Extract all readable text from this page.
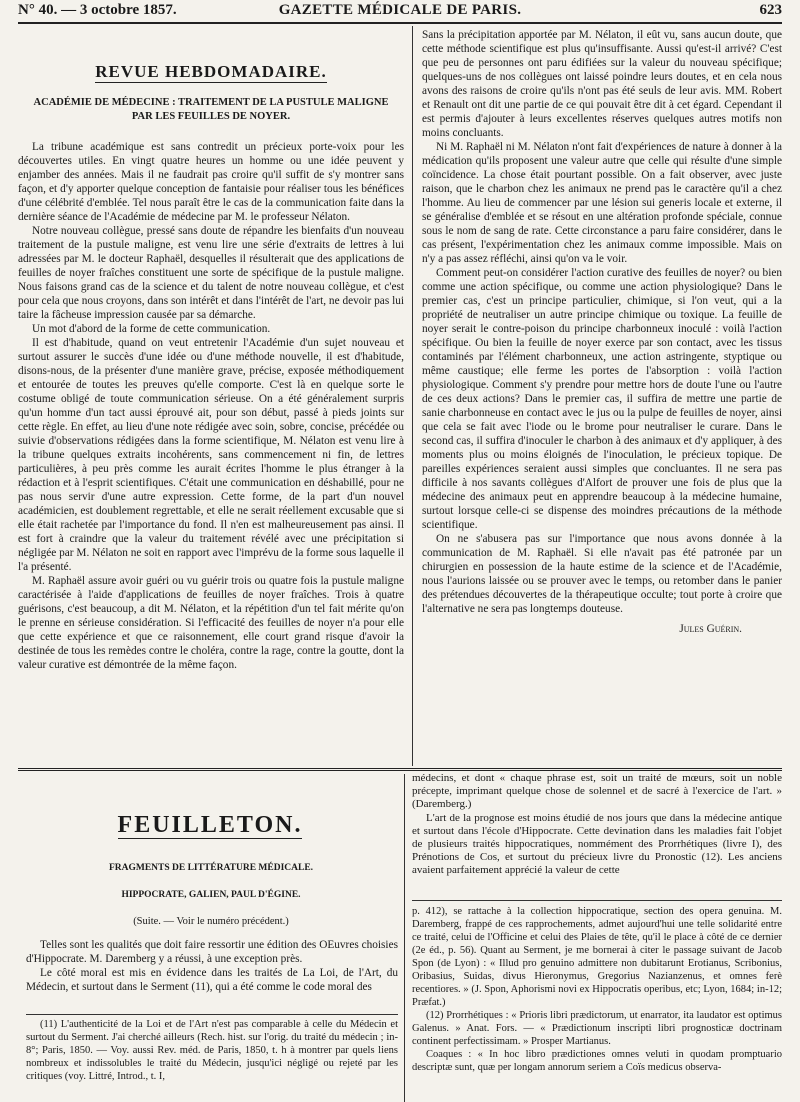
N° 40. — 3 octobre 1857.	GAZETTE MÉDICALE DE PARIS.	623
REVUE HEBDOMADAIRE.
ACADÉMIE DE MÉDECINE : TRAITEMENT DE LA PUSTULE MALIGNE
PAR LES FEUILLES DE NOYER.

La tribune académique est sans contredit un précieux porte-voix pour les découvertes utiles. En vingt quatre heures un homme ou une idée peuvent y enjamber des années. Mais il ne faudrait pas croire qu'il suffit de s'y montrer sans façon, et d'y apporter quelque conception de fantaisie pour réaliser tous les bénéfices d'une célébrité d'emblée. Tel nous paraît être le cas de la communication faite dans la dernière séance de l'Académie de médecine par M. le professeur Nélaton.

Notre nouveau collègue, pressé sans doute de répandre les bienfaits d'un nouveau traitement de la pustule maligne, est venu lire une série d'extraits de lettres à lui adressées par M. le docteur Raphaël, desquelles il résulterait que des applications de feuilles de noyer fraîches constituent une sorte de spécifique de la pustule maligne. Nous faisons grand cas de la science et du talent de notre nouveau collègue, et c'est pour cela que nous croyons, dans son intérêt et dans l'intérêt de l'art, ne devoir pas lui taire la fâcheuse impression causée par sa démarche.

Un mot d'abord de la forme de cette communication.

Il est d'habitude, quand on veut entretenir l'Académie d'un sujet nouveau et surtout assurer le succès d'une idée ou d'une méthode nouvelle, il est d'habitude, disons-nous, de la présenter d'une manière grave, précise, exposée méthodiquement et entourée de toutes les preuves qu'elle comporte. C'est là en quelque sorte le costume obligé de toute communication sérieuse. On a été généralement surpris qu'un homme d'un tact aussi éprouvé ait, pour son début, passé à pieds joints sur cette règle. En effet, au lieu d'une note rédigée avec soin, sobre, concise, précédée ou suivie d'observations rédigées dans la forme scientifique, M. Nélaton est venu lire à la tribune quelques extraits incohérents, sans commencement ni fin, de lettres particulières, à peu près comme les aurait écrites l'homme le plus étranger à la rédaction et à l'esprit scientifiques. C'était une communication en déshabillé, pour ne pas nous servir d'une autre expression. Cette forme, de la part d'un nouvel académicien, est doublement regrettable, et elle ne serait réellement excusable que si elle était rachetée par l'importance du fond. Il n'en est malheureusement pas ainsi. Il est fort à craindre que la valeur du traitement révélé avec une précipitation si négligée par M. Nélaton ne soit en rapport avec l'imprévu de la forme sous laquelle il l'a présenté.

M. Raphaël assure avoir guéri ou vu guérir trois ou quatre fois la pustule maligne caractérisée à l'aide d'applications de feuilles de noyer fraîches. Trois à quatre guérisons, c'est beaucoup, a dit M. Nélaton, et la répétition d'un tel fait mérite qu'on le prenne en sérieuse considération. Si l'efficacité des feuilles de noyer n'a pour elle que cette expérience et que ce raisonnement, elle court grand risque d'avoir la destinée de tous les remèdes contre le choléra, contre la rage, contre la goutte, dont la valeur curative est démontrée de la même façon.

Sans la précipitation apportée par M. Nélaton, il eût vu, sans aucun doute, que cette méthode scientifique est plus qu'insuffisante. Aussi qu'est-il arrivé? C'est que peu de personnes ont paru édifiées sur la valeur du nouveau spécifique; quelques-uns de nos collègues ont laissé poindre leurs doutes, et en cela nous avons des raisons de croire qu'ils n'ont pas été seuls de leur avis. MM. Robert et Renault ont dit une partie de ce qui pouvait être dit à cet égard. Cependant il est permis d'ajouter à leurs excellentes réserves quelques autres motifs non moins concluants.

Ni M. Raphaël ni M. Nélaton n'ont fait d'expériences de nature à donner à la médication qu'ils proposent une valeur autre que celle qui résulte d'une simple coïncidence. La chose était pourtant possible. On a fait observer, avec juste raison, que le charbon chez les animaux ne prend pas le caractère qu'il a chez l'homme. Au lieu de commencer par une lésion sui generis locale et externe, il se généralise d'emblée et se résout en une altération profonde spéciale, connue sous le nom de sang de rate. Cette circonstance a paru faire considérer, dans le cas présent, l'expérimentation chez les animaux comme impossible. Mais on n'y a pas assez réfléchi, ainsi qu'on va le voir.

Comment peut-on considérer l'action curative des feuilles de noyer? ou bien comme une action spécifique, ou comme une action physiologique? Dans le premier cas, c'est un principe particulier, chimique, si l'on veut, qui a la propriété de neutraliser un autre principe chimique ou toxique. La feuille de noyer serait le contre-poison du principe charbonneux inoculé : voilà l'action spécifique. Ou bien la feuille de noyer exerce par son contact, avec les tissus contaminés par l'élément charbonneux, une action astringente, styptique ou même caustique; elle ferme les portes de l'absorption : voilà l'action physiologique. Comment s'y prendre pour mettre hors de doute l'une ou l'autre de ces deux actions? Dans le premier cas, il suffira de mettre une partie de sanie charbonneuse en contact avec le jus ou la pulpe de feuilles de noyer, ainsi que cela se fait avec l'iode ou le brome pour neutraliser le curare. Dans le second cas, il suffira d'inoculer le charbon à des animaux et d'y appliquer, à des moments plus ou moins éloignés de l'inoculation, le précieux topique. De pareilles expériences seraient aussi simples que concluantes. Il ne sera pas difficile à nos savants collègues d'Alfort de prouver une fois de plus que la médecine des animaux peut en apprendre beaucoup à la médecine humaine, surtout lorsque celle-ci se dispense des moindres précautions de la méthode scientifique.

On ne s'abusera pas sur l'importance que nous avons donnée à la communication de M. Raphaël. Si elle n'avait pas été patronée par un chirurgien en possession de la haute estime de la science et de l'Académie, nous l'aurions laissée ou se prouver avec le temps, ou retomber dans le panier des prétendues découvertes de la thérapeutique occulte; tout porte à croire que l'alternative ne sera pas longtemps douteuse.

Jules Guérin.
FEUILLETON.
FRAGMENTS DE LITTÉRATURE MÉDICALE.
HIPPOCRATE, GALIEN, PAUL D'ÉGINE.
(Suite. — Voir le numéro précédent.)

Telles sont les qualités que doit faire ressortir une édition des OEuvres choisies d'Hippocrate. M. Daremberg y a réussi, à une exception près.

Le côté moral est mis en évidence dans les traités de La Loi, de l'Art, du Médecin, et surtout dans le Serment (11), qui a été comme le code moral des

(11) L'authenticité de la Loi et de l'Art n'est pas comparable à celle du Médecin et surtout du Serment. J'ai cherché ailleurs (Rech. hist. sur l'orig. du traité du médecin ; in-8°; Paris, 1850. — Voy. aussi Rev. méd. de Paris, 1850, t. h à montrer par quels liens nombreux et indissolubles le traité du Médecin, jusqu'ici négligé ou rejeté par les critiques (voy. Littré, Introd., t. I,

médecins, et dont « chaque phrase est, soit un traité de mœurs, soit un noble précepte, imprimant quelque chose de solennel et de sacré à l'exercice de l'art. » (Daremberg.)

L'art de la prognose est moins étudié de nos jours que dans la médecine antique et surtout dans l'école d'Hippocrate. Cette devination dans les maladies fait l'objet de plusieurs traités hippocratiques, nommément des Prorrhétiques (livre I), des Prénotions de Cos, et surtout du précieux livre du Pronostic (12). Les anciens avaient parfaitement apprécié la valeur de cette

p. 412), se rattache à la collection hippocratique, section des opera genuina. M. Daremberg, frappé de ces rapprochements, admet aujourd'hui une telle solidarité entre ce traité, celui de l'Officine et celui des Plaies de tête, qu'il le place à côté de ce dernier (2e éd., p. 56). Quant au Serment, je me bornerai à citer le passage suivant de Jacob Spon (de Lyon) : « Illud pro genuino admittere non dubitarunt Erotianus, Scribonius, Oribasius, Suidas, divus Hieronymus, Gregorius Nazianzenus, et omnes ferè recentiores. » (J. Spon, Aphorismi novi ex Hippocratis operibus, etc; Lyon, 1684; in-12; Præfat.)

(12) Prorrhétiques : « Prioris libri prædictorum, ut enarrator, ita laudator est optimus Galenus. » Anat. Fors. — « Prædictionum inscripti libri prognosticæ doctrinam continent perfectissimam. » Prosper Martianus.

Coaques : « In hoc libro prædictiones omnes veluti in quodam promptuario descriptæ sunt, quæ per longam annorum seriem a Coïs medicus observa-
